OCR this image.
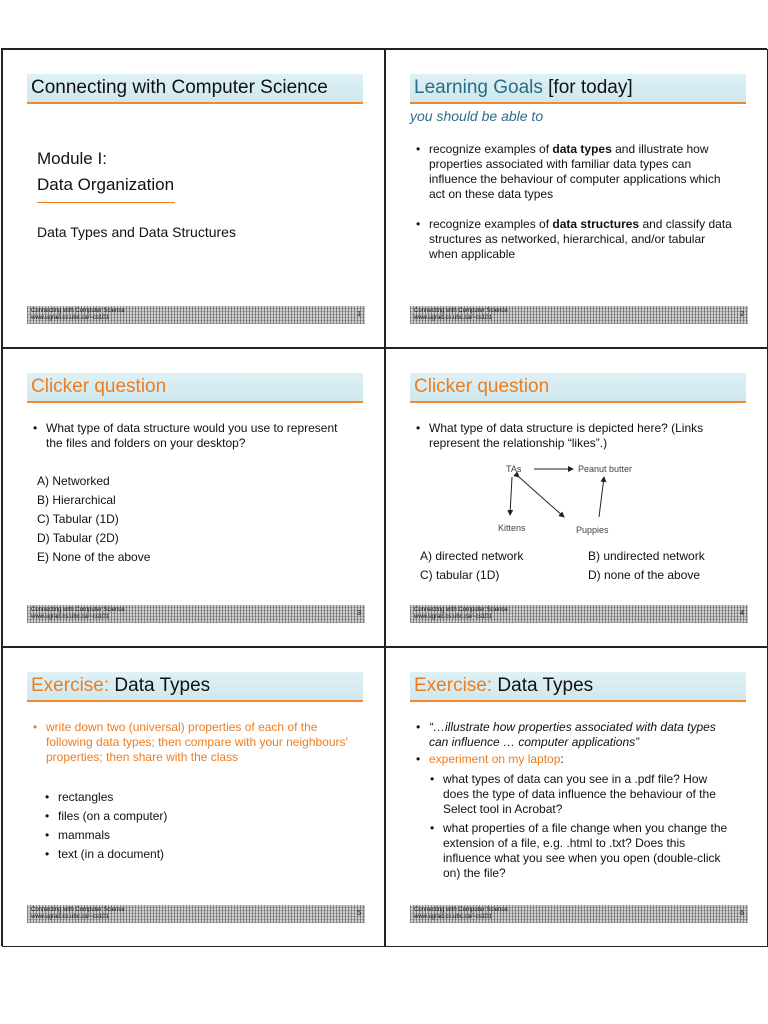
Connecting with Computer Science
Module I:
Data Organization
Data Types and Data Structures
Connecting with Computer Science
www.ugrad.cs.ubc.ca/~cs101	1
Learning Goals [for today]
you should be able to
• recognize examples of data types and illustrate how properties associated with familiar data types can influence the behaviour of computer applications which act on these data types
• recognize examples of data structures and classify data structures as networked, hierarchical, and/or tabular when applicable
Connecting with Computer Science
www.ugrad.cs.ubc.ca/~cs101	2
Clicker question
• What type of data structure would you use to represent the files and folders on your desktop?
A) Networked
B) Hierarchical
C) Tabular (1D)
D) Tabular (2D)
E) None of the above
Connecting with Computer Science
www.ugrad.cs.ubc.ca/~cs101	3
Clicker question
• What type of data structure is depicted here? (Links represent the relationship “likes”.)
TAs	Peanut butter
Kittens	Puppies
A) directed network
C) tabular (1D)
B) undirected network
D) none of the above
Connecting with Computer Science
www.ugrad.cs.ubc.ca/~cs101	4
Exercise: Data Types
• write down two (universal) properties of each of the following data types; then compare with your neighbours' properties; then share with the class
• rectangles
• files (on a computer)
• mammals
• text (in a document)
Connecting with Computer Science
www.ugrad.cs.ubc.ca/~cs101	5
Exercise: Data Types
• “…illustrate how properties associated with data types can influence … computer applications”
• experiment on my laptop:
• what types of data can you see in a .pdf file? How does the type of data influence the behaviour of the Select tool in Acrobat?
• what properties of a file change when you change the extension of a file, e.g. .html to .txt? Does this influence what you see when you open (double-click on) the file?
Connecting with Computer Science
www.ugrad.cs.ubc.ca/~cs101	6
